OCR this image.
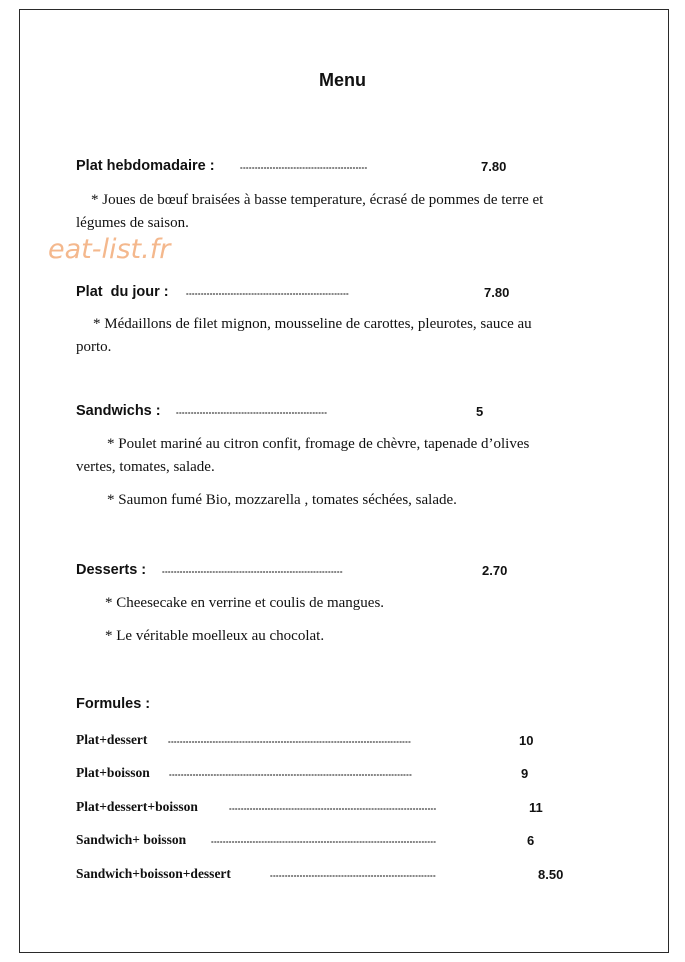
Menu
Plat hebdomadaire :	-------------------------------------------	7.80
* Joues de bœuf braisées à basse temperature, écrasé de pommes de terre et
légumes de saison.
eat-list.fr
Plat  du jour : -------------------------------------------------------	7.80
* Médaillons de filet mignon, mousseline de carottes, pleurotes, sauce au
porto.
Sandwichs : ---------------------------------------------------	5
* Poulet mariné au citron confit, fromage de chèvre, tapenade d’olives
vertes, tomates, salade.
* Saumon fumé Bio, mozzarella , tomates séchées, salade.
Desserts : -------------------------------------------------------------	2.70
* Cheesecake en verrine et coulis de mangues.
* Le véritable moelleux au chocolat.
Formules :
Plat+dessert	----------------------------------------------------------------------------------	10
Plat+boisson ----------------------------------------------------------------------------------	9
Plat+dessert+boisson	----------------------------------------------------------------------	11
Sandwich+ boisson	----------------------------------------------------------------------------	6
Sandwich+boisson+dessert	--------------------------------------------------------	8.50
